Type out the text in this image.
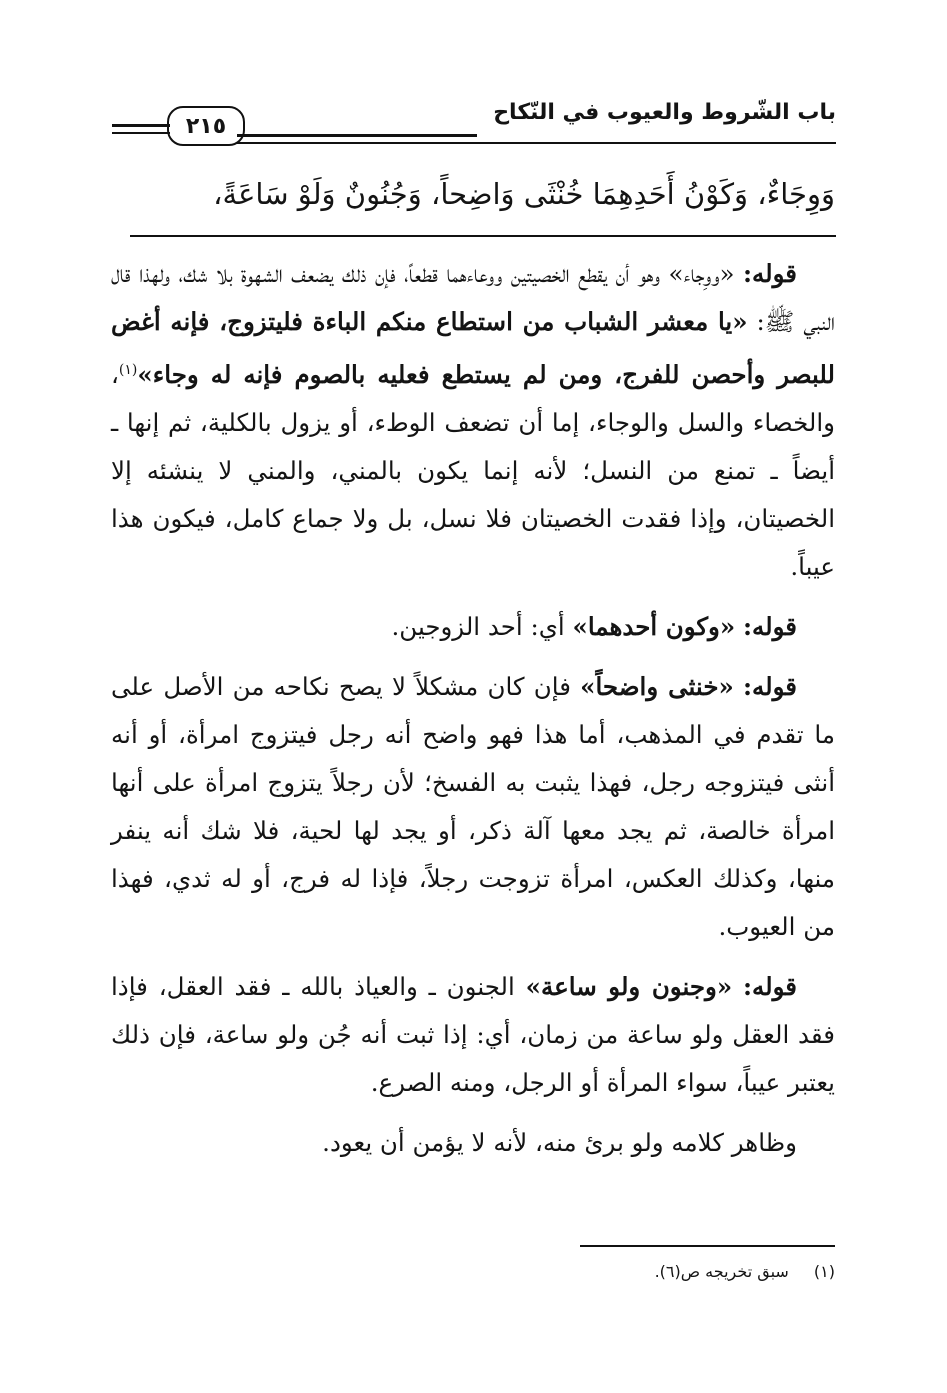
باب الشّروط والعيوب في النّكاح
٢١٥
وَوِجَاءٌ، وَكَوْنُ أَحَدِهِمَا خُنْثَى وَاضِحاً، وَجُنُونٌ وَلَوْ سَاعَةً،

قوله: «ووِجاء» وهو أن يقطع الخصيتين ووعاءهما قطعاً، فإن ذلك يضعف الشهوة بلا شك، ولهذا قال النبي ﷺ: «يا معشر الشباب من استطاع منكم الباءة فليتزوج، فإنه أغض للبصر وأحصن للفرج، ومن لم يستطع فعليه بالصوم فإنه له وجاء»$^{(١)}$، والخصاء والسل والوجاء، إما أن تضعف الوطء، أو يزول بالكلية، ثم إنها ـ أيضاً ـ تمنع من النسل؛ لأنه إنما يكون بالمني، والمني لا ينشئه إلا الخصيتان، وإذا فقدت الخصيتان فلا نسل، بل ولا جماع كامل، فيكون هذا عيباً.

قوله: «وكون أحدهما» أي: أحد الزوجين.

قوله: «خنثى واضحاً» فإن كان مشكلاً لا يصح نكاحه من الأصل على ما تقدم في المذهب، أما هذا فهو واضح أنه رجل فيتزوج امرأة، أو أنه أنثى فيتزوجه رجل، فهذا يثبت به الفسخ؛ لأن رجلاً يتزوج امرأة على أنها امرأة خالصة، ثم يجد معها آلة ذكر، أو يجد لها لحية، فلا شك أنه ينفر منها، وكذلك العكس، امرأة تزوجت رجلاً، فإذا له فرج، أو له ثدي، فهذا من العيوب.

قوله: «وجنون ولو ساعة» الجنون ـ والعياذ بالله ـ فقد العقل، فإذا فقد العقل ولو ساعة من زمان، أي: إذا ثبت أنه جُن ولو ساعة، فإن ذلك يعتبر عيباً، سواء المرأة أو الرجل، ومنه الصرع.

وظاهر كلامه ولو برئ منه، لأنه لا يؤمن أن يعود.

(١) سبق تخريجه ص(٦).
